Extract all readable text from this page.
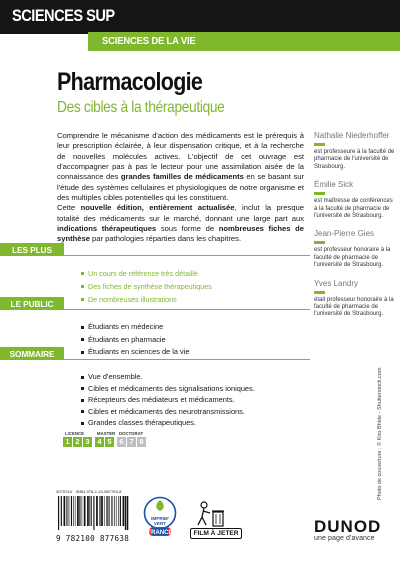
SCIENCES SUP
SCIENCES DE LA VIE
Pharmacologie
Des cibles à la thérapeutique

Comprendre le mécanisme d'action des médicaments est le prérequis à leur prescription éclairée, à leur dispensation critique, et à la recherche de nouvelles molécules actives. L'objectif de cet ouvrage est d'accompagner pas à pas le lecteur pour une assimilation aisée de la connaissance des grandes familles de médicaments en se basant sur l'étude des systèmes cellulaires et physiologiques de notre organisme et des multiples cibles potentielles qui les constituent.

Cette nouvelle édition, entièrement actualisée, inclut la presque totalité des médicaments sur le marché, donnant une large part aux indications thérapeutiques sous forme de nombreuses fiches de synthèse par pathologies réparties dans les chapitres.

Nathalie Niederhoffer
est professeure à la faculté de pharmacie de l'université de Strasbourg.
Émilie Sick
est maîtresse de conférences à la faculté de pharmacie de l'université de Strasbourg.
Jean-Pierre Gies
est professeur honoraire à la faculté de pharmacie de l'université de Strasbourg.
Yves Landry
était professeur honoraire à la faculté de pharmacie de l'université de Strasbourg.
LES PLUS
Un cours de référence très détaillé
Des fiches de synthèse thérapeutiques
De nombreuses illustrations
LE PUBLIC
Étudiants en médecine
Étudiants en pharmacie
Étudiants en sciences de la vie
SOMMAIRE
Vue d'ensemble.
Cibles et médicaments des signalisations ioniques.
Récepteurs des médiateurs et médicaments.
Cibles et médicaments des neurotransmissions.
Grandes classes thérapeutiques.
LICENCE	MASTER DOCTORAT
1 2 3	4 5	6 7 8	Photo de couverture : © Kiro Bhide - Shutterstock.com
2075744 · ISBN 978-2-10-087763-8
9 782100 877638
IMPRIM'
VERT
FRANCE	FILM À JETER	DUNOD
une page d'avance
